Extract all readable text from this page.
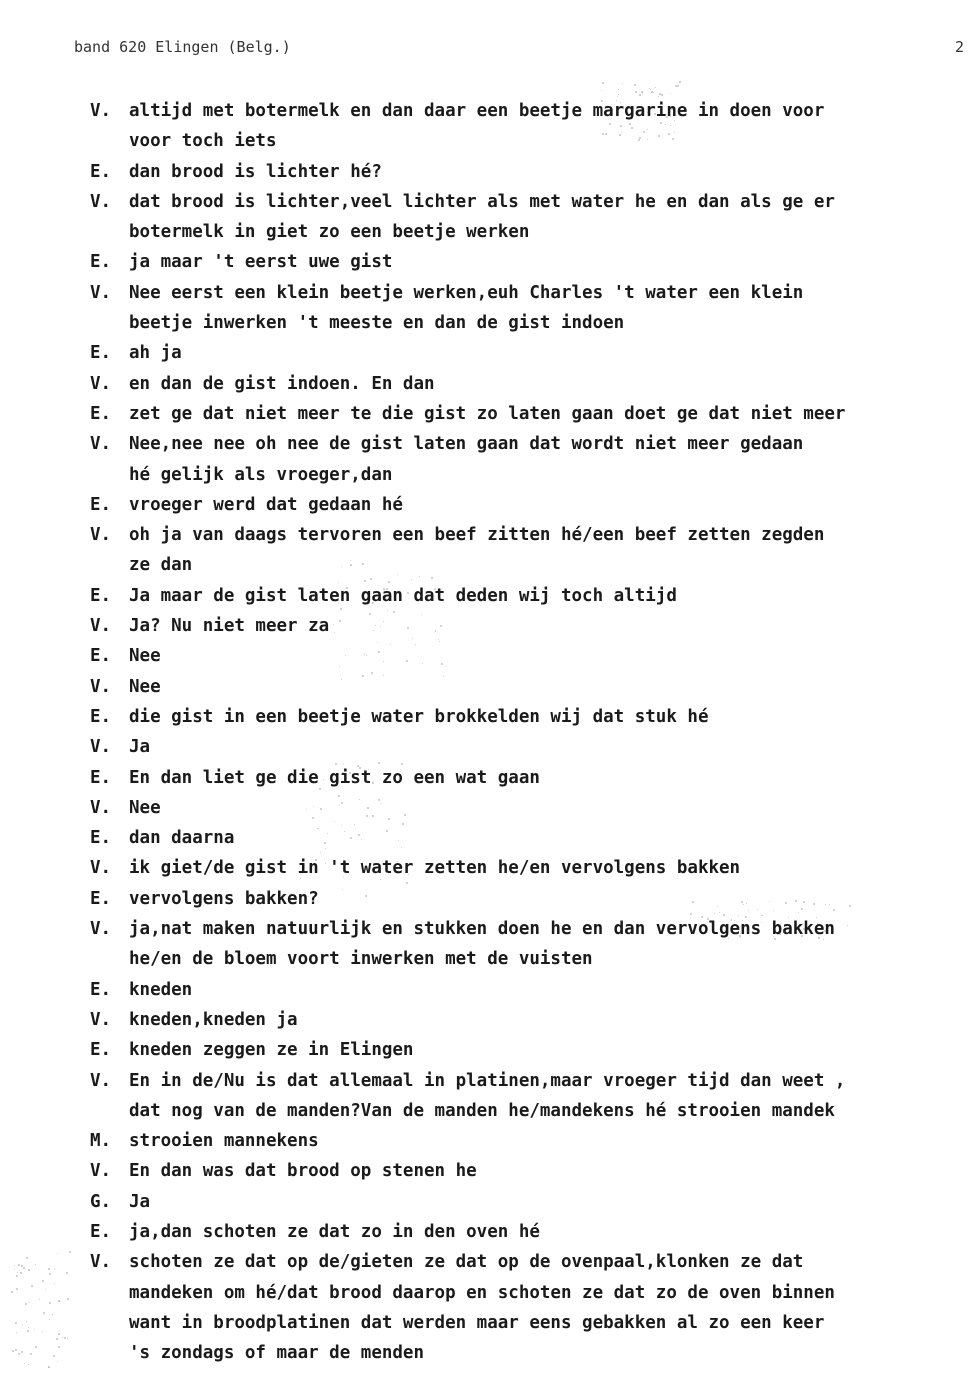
band 620 Elingen (Belg.)	2
V.	altijd met botermelk en dan daar een beetje margarine in doen voor
voor toch iets
E.	dan brood is lichter hé?
V.	dat brood is lichter,veel lichter als met water he en dan als ge er
botermelk in giet zo een beetje werken
E.	ja maar 't eerst uwe gist
V.	Nee eerst een klein beetje werken,euh Charles 't water een klein
beetje inwerken 't meeste en dan de gist indoen
E.	ah ja
V.	en dan de gist indoen. En dan
E.	zet ge dat niet meer te die gist zo laten gaan doet ge dat niet meer
V.	Nee,nee nee oh nee de gist laten gaan dat wordt niet meer gedaan
hé gelijk als vroeger,dan
E.	vroeger werd dat gedaan hé
V.	oh ja van daags tervoren een beef zitten hé/een beef zetten zegden
ze dan
E.	Ja maar de gist laten gaan dat deden wij toch altijd
V.	Ja? Nu niet meer za
E.	Nee
V.	Nee
E.	die gist in een beetje water brokkelden wij dat stuk hé
V.	Ja
E.	En dan liet ge die gist zo een wat gaan
V.	Nee
E.	dan daarna
V.	ik giet/de gist in 't water zetten he/en vervolgens bakken
E.	vervolgens bakken?
V.	ja,nat maken natuurlijk en stukken doen he en dan vervolgens bakken
he/en de bloem voort inwerken met de vuisten
E.	kneden
V.	kneden,kneden ja
E.	kneden zeggen ze in Elingen
V.	En in de/Nu is dat allemaal in platinen,maar vroeger tijd dan weet ,
dat nog van de manden?Van de manden he/mandekens hé strooien mandek
M.	strooien mannekens
V.	En dan was dat brood op stenen he
G.	Ja
E.	ja,dan schoten ze dat zo in den oven hé
V.	schoten ze dat op de/gieten ze dat op de ovenpaal,klonken ze dat
mandeken om hé/dat brood daarop en schoten ze dat zo de oven binnen
want in broodplatinen dat werden maar eens gebakken al zo een keer
's zondags of maar de menden
